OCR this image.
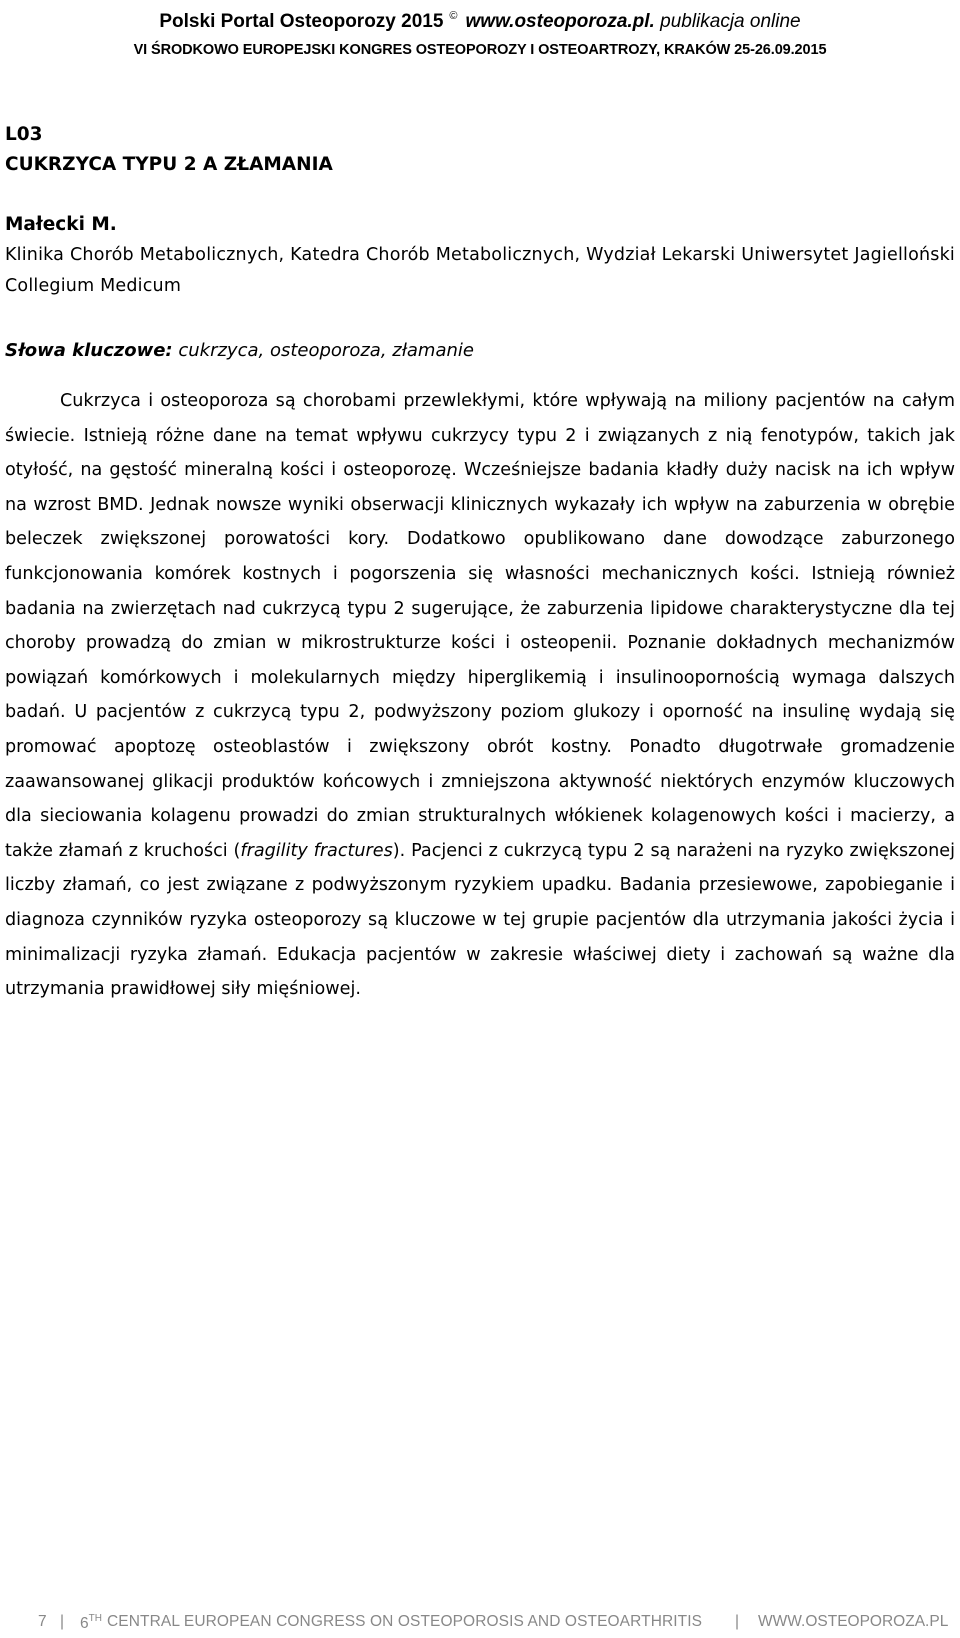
Polski Portal Osteoporozy 2015 © www.osteoporoza.pl. publikacja online
VI ŚRODKOWO EUROPEJSKI KONGRES OSTEOPOROZY I OSTEOARTROZY, KRAKÓW 25-26.09.2015
L03
CUKRZYCA TYPU 2 A ZŁAMANIA
Małecki M.
Klinika Chorób Metabolicznych, Katedra Chorób Metabolicznych, Wydział Lekarski Uniwersytet Jagielloński Collegium Medicum
Słowa kluczowe: cukrzyca, osteoporoza, złamanie
Cukrzyca i osteoporoza są chorobami przewlekłymi, które wpływają na miliony pacjentów na całym świecie. Istnieją różne dane na temat wpływu cukrzycy typu 2 i związanych z nią fenotypów, takich jak otyłość, na gęstość mineralną kości i osteoporozę. Wcześniejsze badania kładły duży nacisk na ich wpływ na wzrost BMD. Jednak nowsze wyniki obserwacji klinicznych wykazały ich wpływ na zaburzenia w obrębie beleczek zwiększonej porowatości kory. Dodatkowo opublikowano dane dowodzące zaburzonego funkcjonowania komórek kostnych i pogorszenia się własności mechanicznych kości. Istnieją również badania na zwierzętach nad cukrzycą typu 2 sugerujące, że zaburzenia lipidowe charakterystyczne dla tej choroby prowadzą do zmian w mikrostrukturze kości i osteopenii. Poznanie dokładnych mechanizmów powiązań komórkowych i molekularnych między hiperglikemią i insulinoopornością wymaga dalszych badań. U pacjentów z cukrzycą typu 2, podwyższony poziom glukozy i oporność na insulinę wydają się promować apoptozę osteoblastów i zwiększony obrót kostny. Ponadto długotrwałe gromadzenie zaawansowanej glikacji produktów końcowych i zmniejszona aktywność niektórych enzymów kluczowych dla sieciowania kolagenu prowadzi do zmian strukturalnych włókienek kolagenowych kości i macierzy, a także złamań z kruchości (fragility fractures). Pacjenci z cukrzycą typu 2 są narażeni na ryzyko zwiększonej liczby złamań, co jest związane z podwyższonym ryzykiem upadku. Badania przesiewowe, zapobieganie i diagnoza czynników ryzyka osteoporozy są kluczowe w tej grupie pacjentów dla utrzymania jakości życia i minimalizacji ryzyka złamań. Edukacja pacjentów w zakresie właściwej diety i zachowań są ważne dla utrzymania prawidłowej siły mięśniowej.
7 | 6TH CENTRAL EUROPEAN CONGRESS ON OSTEOPOROSIS AND OSTEOARTHRITIS | WWW.OSTEOPOROZA.PL
